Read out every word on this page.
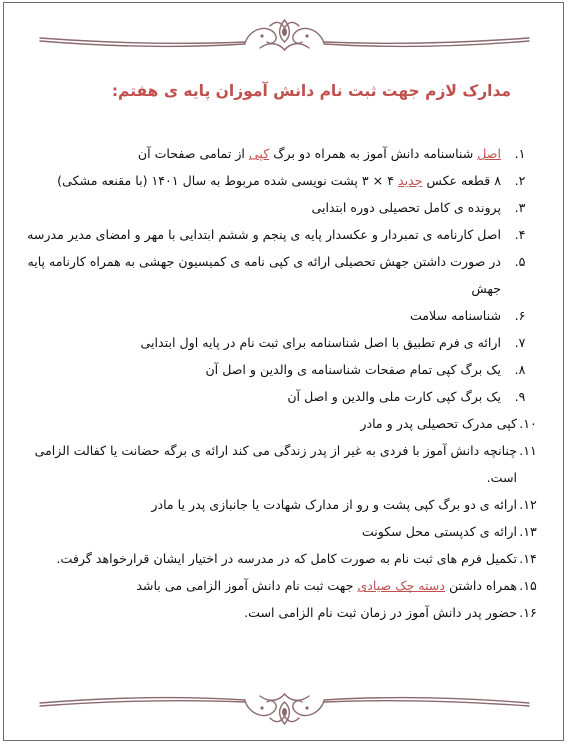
مدارک لازم جهت ثبت نام دانش آموزان پایه ی هفتم:
۱.
اصل شناسنامه دانش آموز به همراه دو برگ کپی از تمامی صفحات آن
۲.
۸ قطعه عکس جدید ۴ × ۳ پشت نویسی شده مربوط به سال ۱۴۰۱ (با مقنعه مشکی)
۳.
پرونده ی کامل تحصیلی دوره ابتدایی
۴.
اصل کارنامه ی تمبردار و عکسدار پایه ی پنجم و ششم ابتدایی با مهر و امضای مدیر مدرسه
۵.
در صورت داشتن جهش تحصیلی ارائه ی کپی نامه ی کمیسیون جهشی به همراه کارنامه پایه جهش
۶.
شناسنامه سلامت
۷.
ارائه ی فرم تطبیق با اصل شناسنامه برای ثبت نام در پایه اول ابتدایی
۸.
یک برگ کپی تمام صفحات شناسنامه ی والدین و اصل آن
۹.
یک برگ کپی کارت ملی والدین و اصل آن
۱۰.
کپی مدرک تحصیلی پدر و مادر
۱۱.
چنانچه دانش آموز با فردی به غیر از پدر زندگی می کند ارائه ی برگه حضانت یا کفالت الزامی است.
۱۲.
ارائه ی دو برگ کپی پشت و رو از مدارک شهادت یا جانبازی پدر یا مادر
۱۳.
ارائه ی کدپستی محل سکونت
۱۴.
تکمیل فرم های ثبت نام به صورت کامل که در مدرسه در اختیار ایشان قرارخواهد گرفت.
۱۵.
همراه داشتن دسته چک صیادی جهت ثبت نام دانش آموز الزامی می باشد
۱۶.
حضور پدر دانش آموز در زمان ثبت نام الزامی است.
